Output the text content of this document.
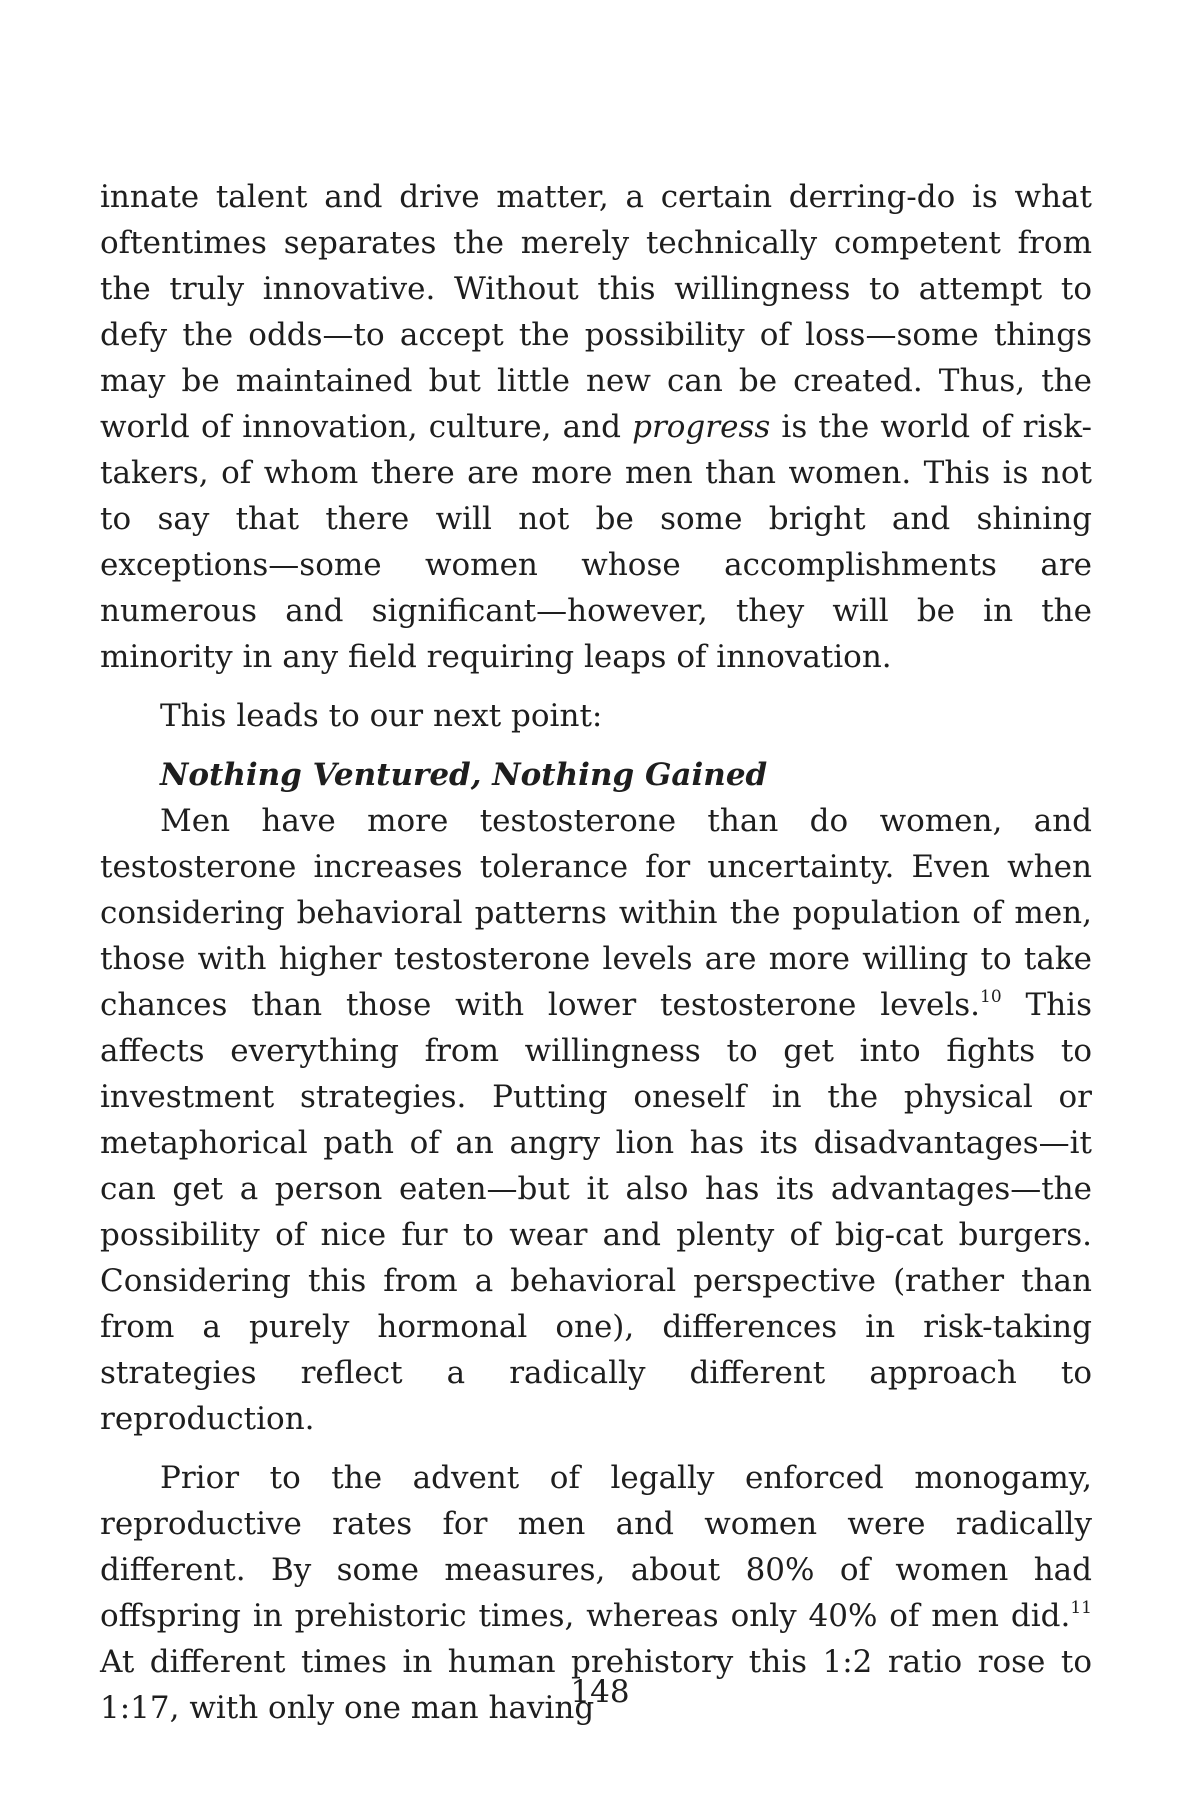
innate talent and drive matter, a certain derring-do is what oftentimes separates the merely technically competent from the truly innovative. Without this willingness to attempt to defy the odds—to accept the possibility of loss—some things may be maintained but little new can be created. Thus, the world of innovation, culture, and progress is the world of risk-takers, of whom there are more men than women. This is not to say that there will not be some bright and shining exceptions—some women whose accomplishments are numerous and significant—however, they will be in the minority in any field requiring leaps of innovation.

This leads to our next point:

Nothing Ventured, Nothing Gained

Men have more testosterone than do women, and testosterone increases tolerance for uncertainty. Even when considering behavioral patterns within the population of men, those with higher testosterone levels are more willing to take chances than those with lower testosterone levels.$^{10}$ This affects everything from willingness to get into fights to investment strategies. Putting oneself in the physical or metaphorical path of an angry lion has its disadvantages—it can get a person eaten—but it also has its advantages—the possibility of nice fur to wear and plenty of big-cat burgers. Considering this from a behavioral perspective (rather than from a purely hormonal one), differences in risk-taking strategies reflect a radically different approach to reproduction.

Prior to the advent of legally enforced monogamy, reproductive rates for men and women were radically different. By some measures, about 80% of women had offspring in prehistoric times, whereas only 40% of men did.$^{11}$ At different times in human prehistory this 1:2 ratio rose to 1:17, with only one man having

148
